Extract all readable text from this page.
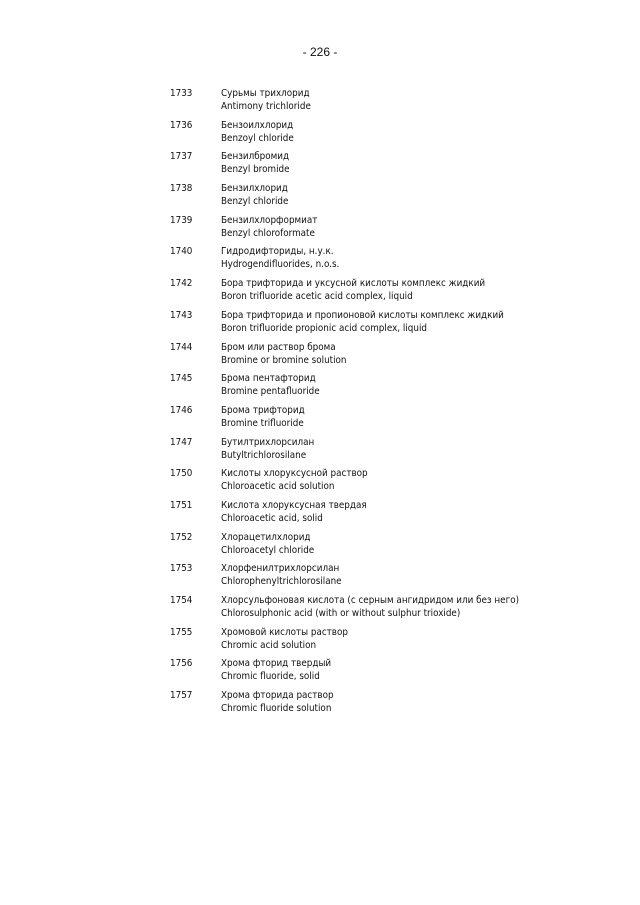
- 226 -
1733	Сурьмы трихлорид
Antimony trichloride
1736	Бензоилхлорид
Benzoyl chloride
1737	Бензилбромид
Benzyl bromide
1738	Бензилхлорид
Benzyl chloride
1739	Бензилхлорформиат
Benzyl chloroformate
1740	Гидродифториды, н.у.к.
Hydrogendifluorides, n.o.s.
1742	Бора трифторида и уксусной кислоты комплекс жидкий
Boron trifluoride acetic acid complex, liquid
1743	Бора трифторида и пропионовой кислоты комплекс жидкий
Boron trifluoride propionic acid complex, liquid
1744	Бром или раствор брома
Bromine or bromine solution
1745	Брома пентафторид
Bromine pentafluoride
1746	Брома трифторид
Bromine trifluoride
1747	Бутилтрихлорсилан
Butyltrichlorosilane
1750	Кислоты хлоруксусной раствор
Chloroacetic acid solution
1751	Кислота хлоруксусная твердая
Chloroacetic acid, solid
1752	Хлорацетилхлорид
Chloroacetyl chloride
1753	Хлорфенилтрихлорсилан
Chlorophenyltrichlorosilane
1754	Хлорсульфоновая кислота (с серным ангидридом или без него)
Chlorosulphonic acid (with or without sulphur trioxide)
1755	Хромовой кислоты раствор
Chromic acid solution
1756	Хрома фторид твердый
Chromic fluoride, solid
1757	Хрома фторида раствор
Chromic fluoride solution
